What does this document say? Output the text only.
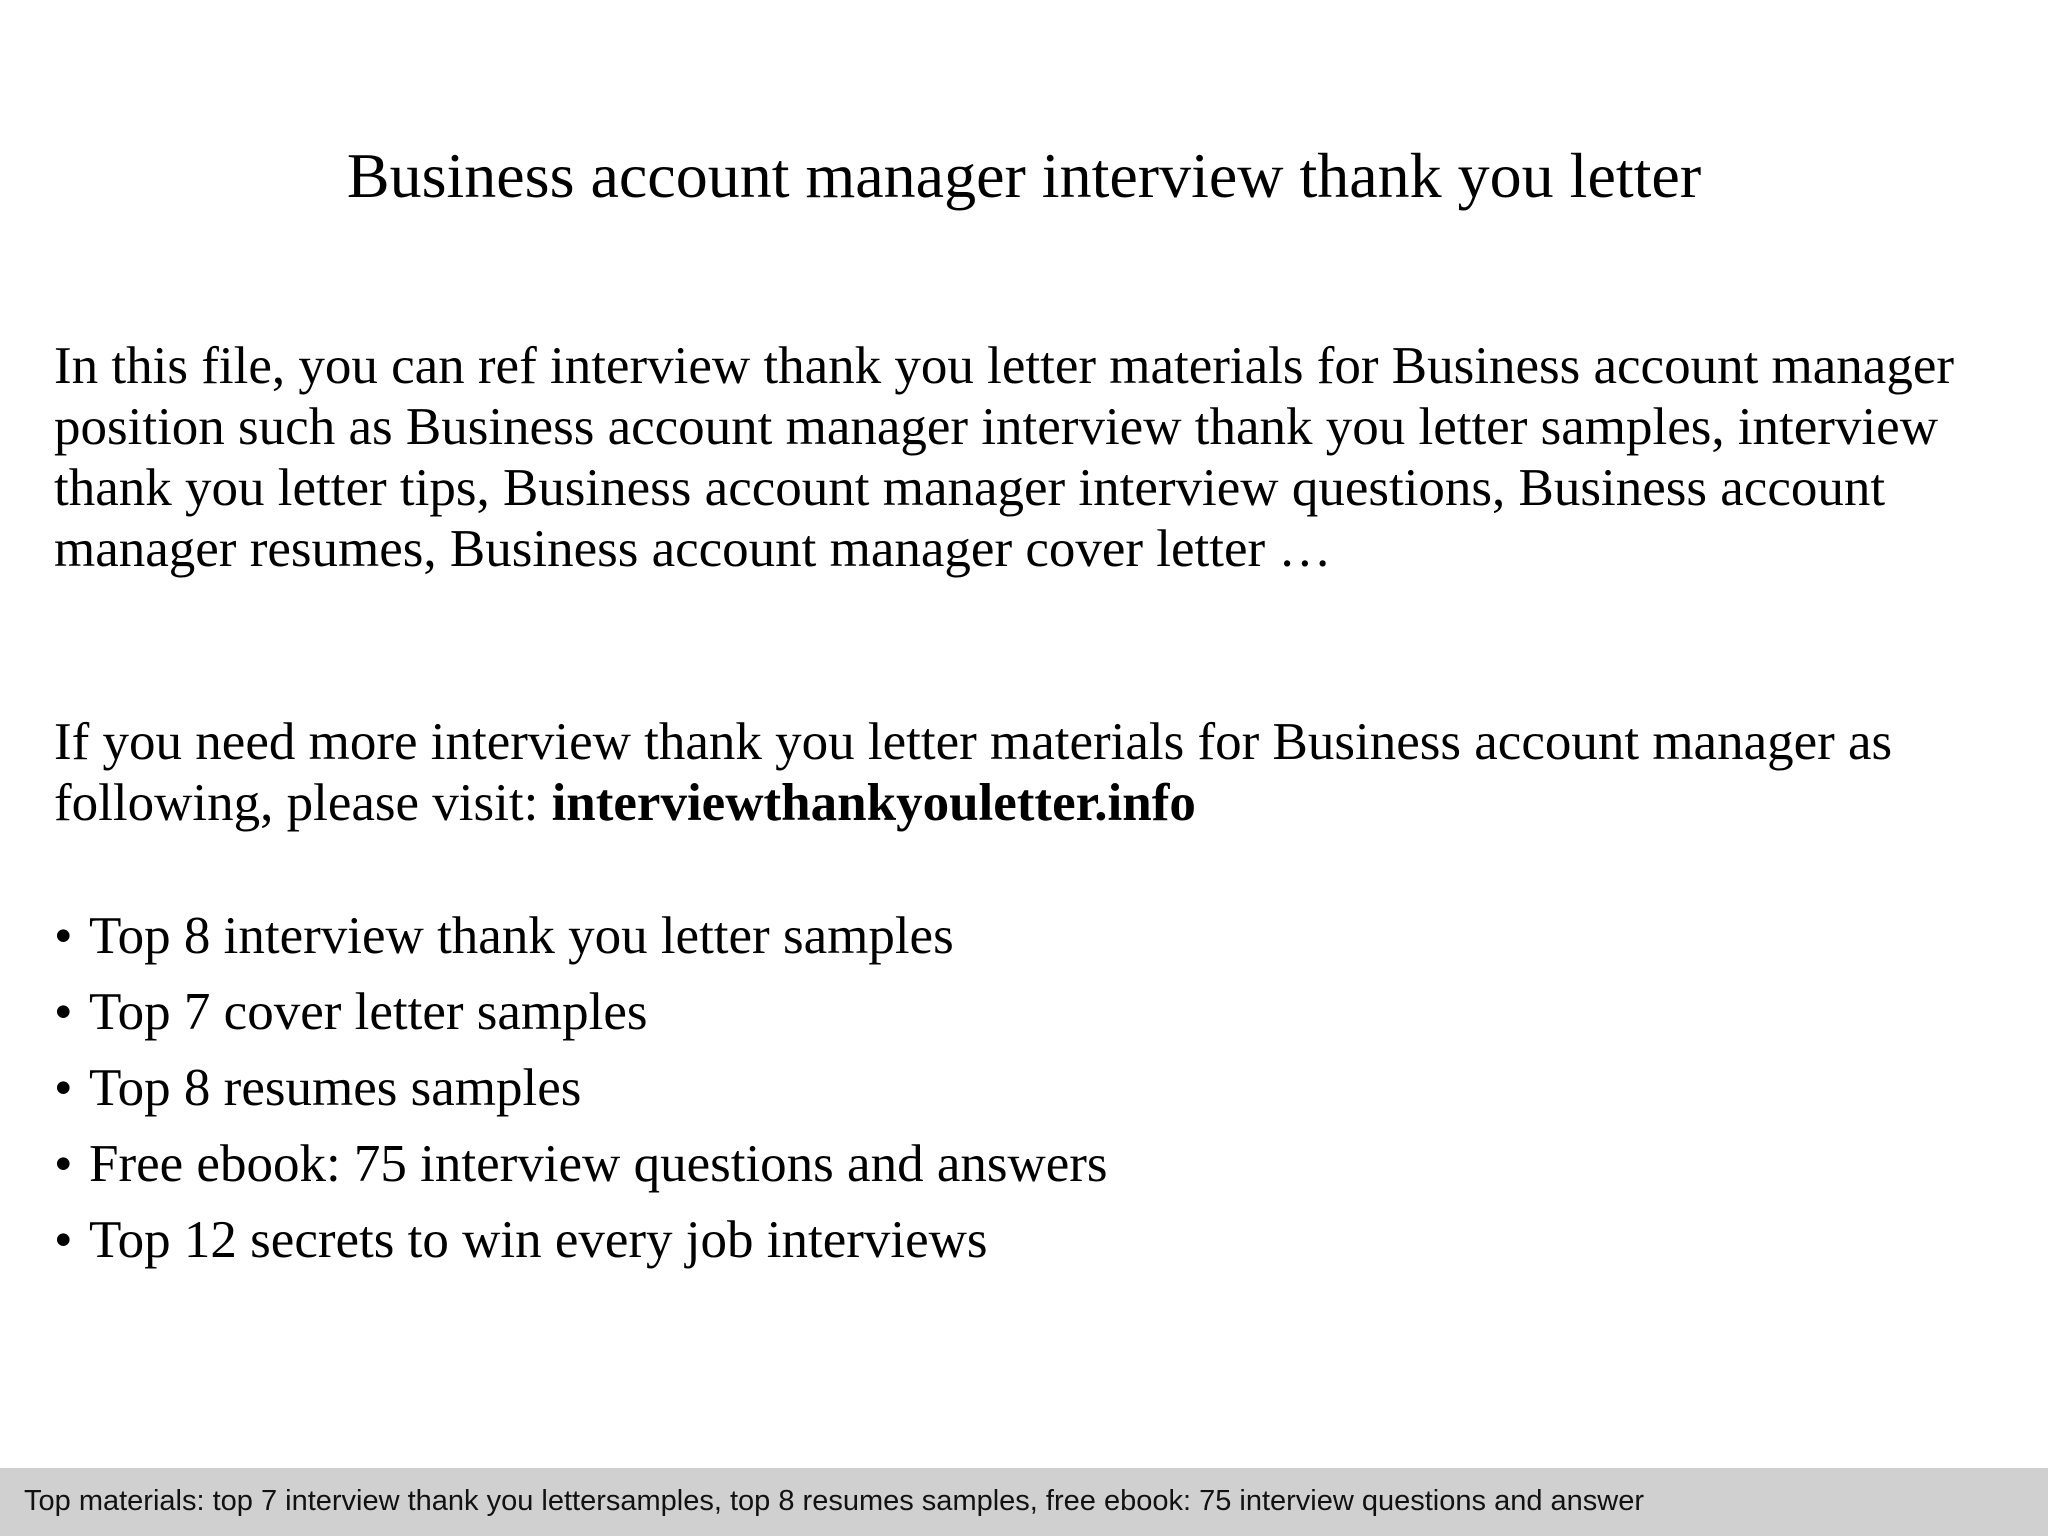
Business account manager interview thank you letter
In this file, you can ref interview thank you letter materials for Business account manager position such as Business account manager interview thank you letter samples, interview thank you letter tips, Business account manager interview questions, Business account manager resumes, Business account manager cover letter …
If you need more interview thank you letter materials for Business account manager as following, please visit: interviewthankyouletter.info
• Top 8 interview thank you letter samples
• Top 7 cover letter samples
• Top 8 resumes samples
• Free ebook: 75 interview questions and answers
• Top 12 secrets to win every job interviews
Top materials: top 7 interview thank you lettersamples, top 8 resumes samples, free ebook: 75 interview questions and answer
